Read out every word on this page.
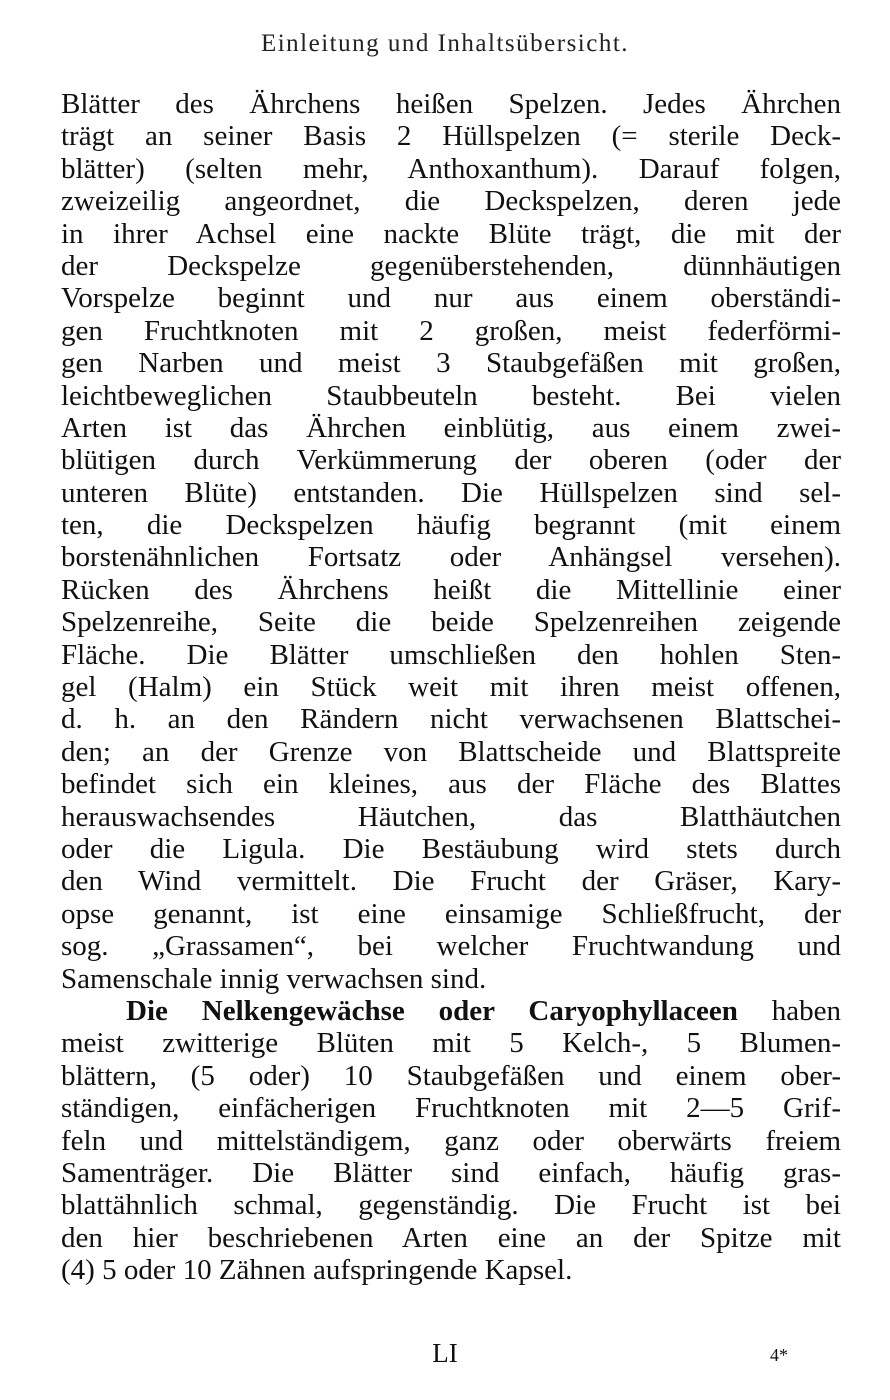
Einleitung und Inhaltsübersicht.
Blätter des Ährchens heißen Spelzen. Jedes Ährchen
trägt an seiner Basis 2 Hüllspelzen (= sterile Deck-
blätter) (selten mehr, Anthoxanthum). Darauf folgen,
zweizeilig angeordnet, die Deckspelzen, deren jede
in ihrer Achsel eine nackte Blüte trägt, die mit der
der Deckspelze gegenüberstehenden, dünnhäutigen
Vorspelze beginnt und nur aus einem oberständi-
gen Fruchtknoten mit 2 großen, meist federförmi-
gen Narben und meist 3 Staubgefäßen mit großen,
leichtbeweglichen Staubbeuteln besteht. Bei vielen
Arten ist das Ährchen einblütig, aus einem zwei-
blütigen durch Verkümmerung der oberen (oder der
unteren Blüte) entstanden. Die Hüllspelzen sind sel-
ten, die Deckspelzen häufig begrannt (mit einem
borstenähnlichen Fortsatz oder Anhängsel versehen).
Rücken des Ährchens heißt die Mittellinie einer
Spelzenreihe, Seite die beide Spelzenreihen zeigende
Fläche. Die Blätter umschließen den hohlen Sten-
gel (Halm) ein Stück weit mit ihren meist offenen,
d. h. an den Rändern nicht verwachsenen Blattschei-
den; an der Grenze von Blattscheide und Blattspreite
befindet sich ein kleines, aus der Fläche des Blattes
herauswachsendes Häutchen, das Blatthäutchen
oder die Ligula. Die Bestäubung wird stets durch
den Wind vermittelt. Die Frucht der Gräser, Kary-
opse genannt, ist eine einsamige Schließfrucht, der
sog. „Grassamen“, bei welcher Fruchtwandung und
Samenschale innig verwachsen sind.
Die Nelkengewächse oder Caryophyllaceen haben
meist zwitterige Blüten mit 5 Kelch-, 5 Blumen-
blättern, (5 oder) 10 Staubgefäßen und einem ober-
ständigen, einfächerigen Fruchtknoten mit 2—5 Grif-
feln und mittelständigem, ganz oder oberwärts freiem
Samenträger. Die Blätter sind einfach, häufig gras-
blattähnlich schmal, gegenständig. Die Frucht ist bei
den hier beschriebenen Arten eine an der Spitze mit
(4) 5 oder 10 Zähnen aufspringende Kapsel.
LI	4*
